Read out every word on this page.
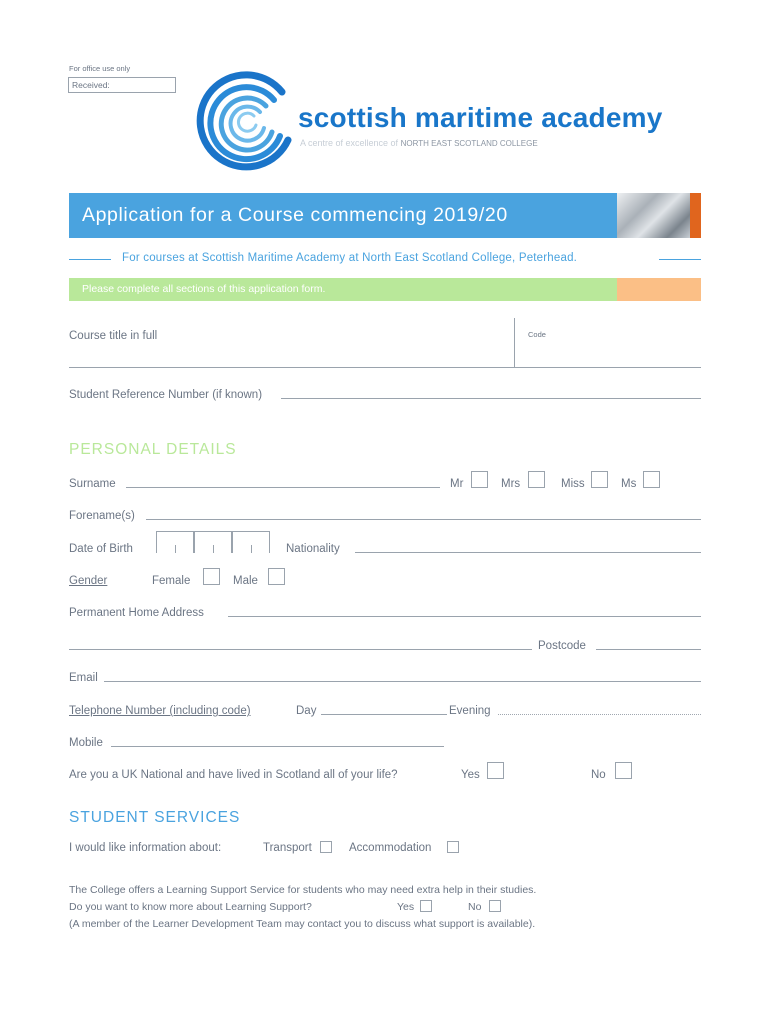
For office use only
Received:
scottish maritime academy
A centre of excellence of NORTH EAST SCOTLAND COLLEGE
Application for a Course commencing 2019/20
For courses at Scottish Maritime Academy at North East Scotland College, Peterhead.
Please complete all sections of this application form.
Course title in full	Code
Student Reference Number (if known)
PERSONAL DETAILS
Surname	Mr	Mrs	Miss	Ms
Forename(s)
Date of Birth	Nationality
Gender	Female	Male
Permanent Home Address
Postcode
Email
Telephone Number (including code)	Day	Evening
Mobile
Are you a UK National and have lived in Scotland all of your life?	Yes	No
STUDENT SERVICES
I would like information about:	Transport	Accommodation
The College offers a Learning Support Service for students who may need extra help in their studies.
Do you want to know more about Learning Support?	Yes	No
(A member of the Learner Development Team may contact you to discuss what support is available).
